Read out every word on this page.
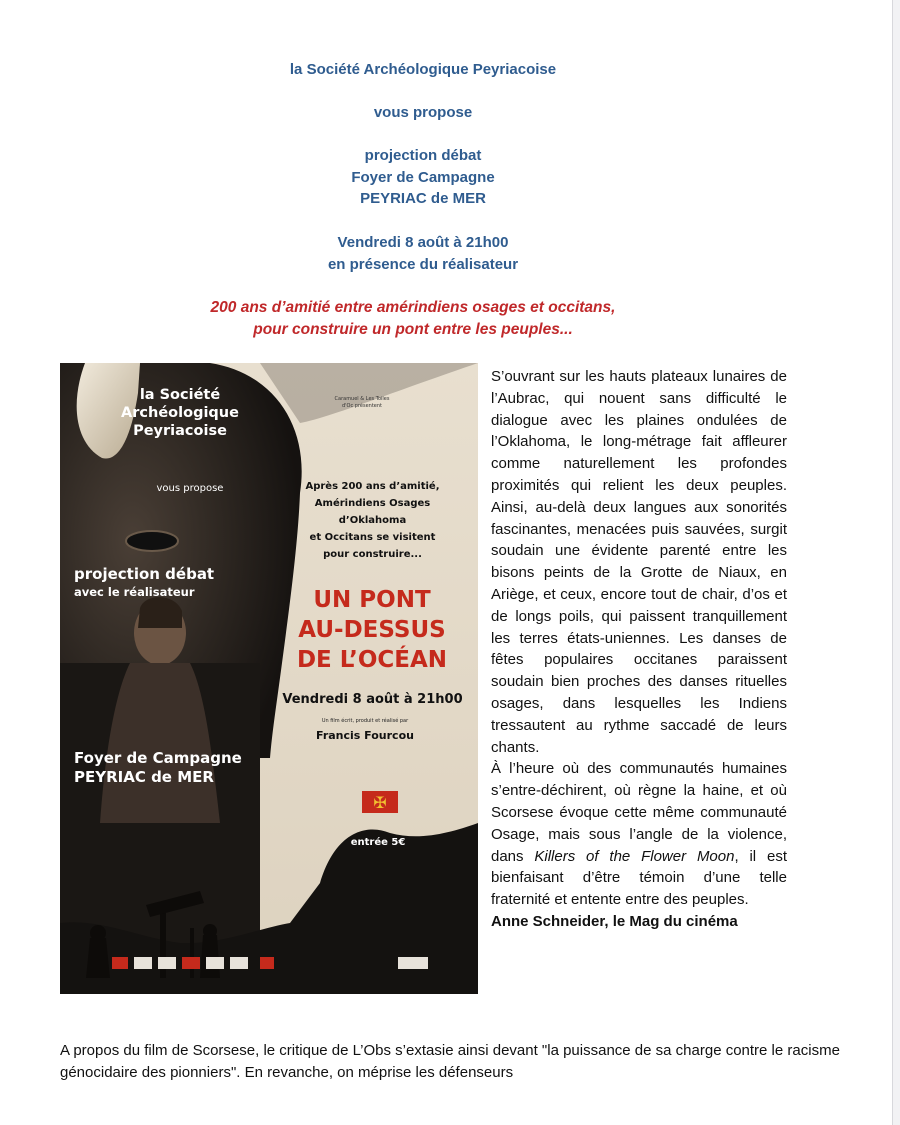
la Société Archéologique Peyriacoise
vous propose
projection débat
Foyer de Campagne
PEYRIAC de MER
Vendredi 8 août à 21h00
en présence du réalisateur
200 ans d’amitié entre amérindiens osages et occitans,
pour construire un pont entre les peuples...
✠
la Société
Archéologique
Peyriacoise
Caramuel & Les Toiles d'Oc présentent
vous propose	Après 200 ans d’amitié,
Amérindiens Osages
d’Oklahoma
et Occitans se visitent
pour construire...
projection débat
avec le réalisateur	UN PONT
AU-DESSUS
DE L’OCÉAN
Vendredi 8 août à 21h00
Un film écrit, produit et réalisé par
Francis Fourcou
Foyer de Campagne
PEYRIAC de MER
entrée 5€

S’ouvrant sur les hauts plateaux lunaires de l’Aubrac, qui nouent sans difficulté le dialogue avec les plaines ondulées de l’Oklahoma, le long-métrage fait affleurer comme naturellement les profondes proximités qui relient les deux peuples. Ainsi, au-delà deux langues aux sonorités fascinantes, menacées puis sauvées, surgit soudain une évidente parenté entre les bisons peints de la Grotte de Niaux, en Ariège, et ceux, encore tout de chair, d’os et de longs poils, qui paissent tranquillement les terres états-uniennes. Les danses de fêtes populaires occitanes paraissent soudain bien proches des danses rituelles osages, dans lesquelles les Indiens tressautent au rythme saccadé de leurs chants.

À l’heure où des communautés humaines s’entre-déchirent, où règne la haine, et où Scorsese évoque cette même communauté Osage, mais sous l’angle de la violence, dans Killers of the Flower Moon, il est bienfaisant d’être témoin d’une telle fraternité et entente entre des peuples.

Anne Schneider, le Mag du cinéma

A propos du film de Scorsese, le critique de L’Obs s’extasie ainsi devant "la puissance de sa charge contre le racisme génocidaire des pionniers". En revanche, on méprise les défenseurs
